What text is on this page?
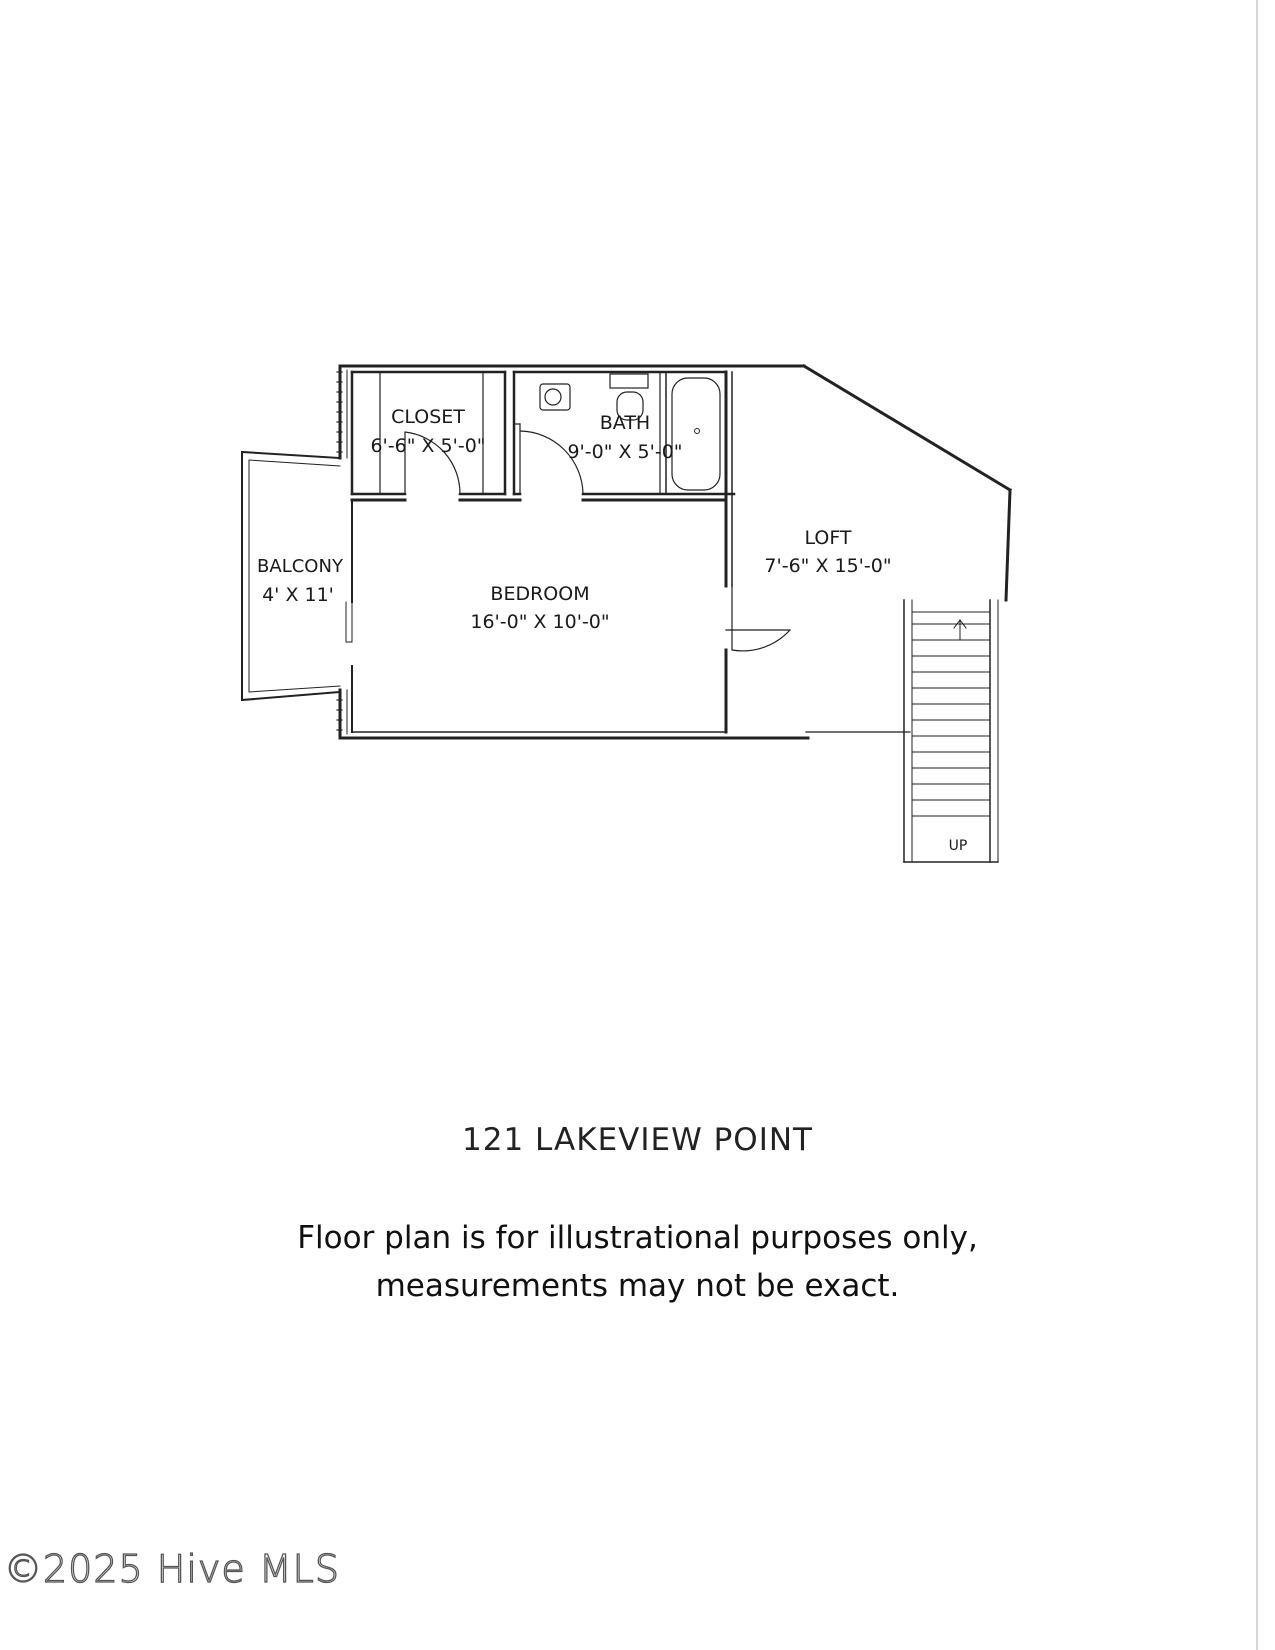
CLOSET
6'-6" X 5'-0"
BATH
9'-0" X 5'-0"
LOFT
7'-6" X 15'-0"
BALCONY
4' X 11'	BEDROOM
16'-0" X 10'-0"
UP
121 LAKEVIEW POINT
Floor plan is for illustrational purposes only,
measurements may not be exact.
©2025 Hive MLS
